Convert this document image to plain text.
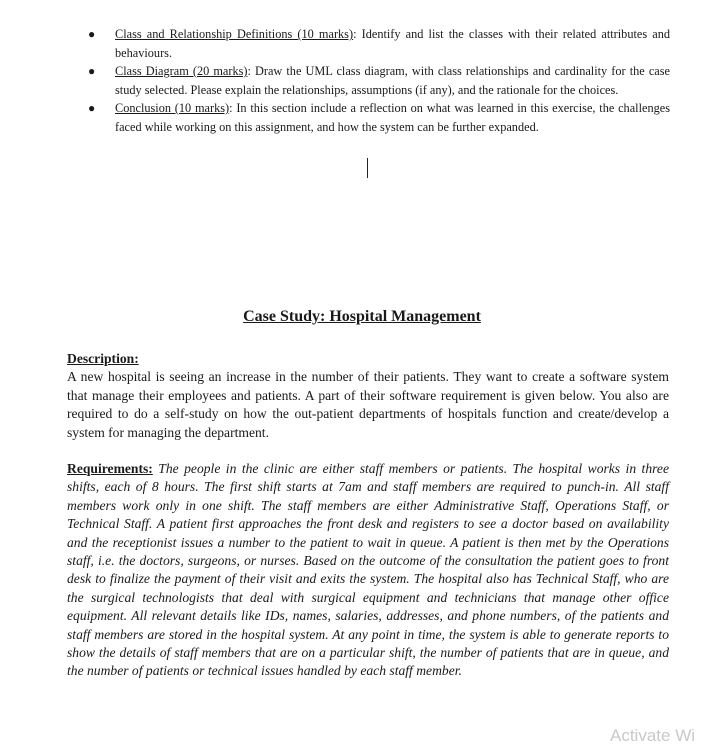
● Class and Relationship Definitions (10 marks): Identify and list the classes with their related attributes and behaviours.
● Class Diagram (20 marks): Draw the UML class diagram, with class relationships and cardinality for the case study selected. Please explain the relationships, assumptions (if any), and the rationale for the choices.
● Conclusion (10 marks): In this section include a reflection on what was learned in this exercise, the challenges faced while working on this assignment, and how the system can be further expanded.
Case Study: Hospital Management
Description:
A new hospital is seeing an increase in the number of their patients. They want to create a software system that manage their employees and patients. A part of their software requirement is given below. You also are required to do a self-study on how the out-patient departments of hospitals function and create/develop a system for managing the department.
Requirements: The people in the clinic are either staff members or patients. The hospital works in three shifts, each of 8 hours. The first shift starts at 7am and staff members are required to punch-in. All staff members work only in one shift. The staff members are either Administrative Staff, Operations Staff, or Technical Staff. A patient first approaches the front desk and registers to see a doctor based on availability and the receptionist issues a number to the patient to wait in queue. A patient is then met by the Operations staff, i.e. the doctors, surgeons, or nurses. Based on the outcome of the consultation the patient goes to front desk to finalize the payment of their visit and exits the system. The hospital also has Technical Staff, who are the surgical technologists that deal with surgical equipment and technicians that manage other office equipment. All relevant details like IDs, names, salaries, addresses, and phone numbers, of the patients and staff members are stored in the hospital system. At any point in time, the system is able to generate reports to show the details of staff members that are on a particular shift, the number of patients that are in queue, and the number of patients or technical issues handled by each staff member.
Activate Wi
